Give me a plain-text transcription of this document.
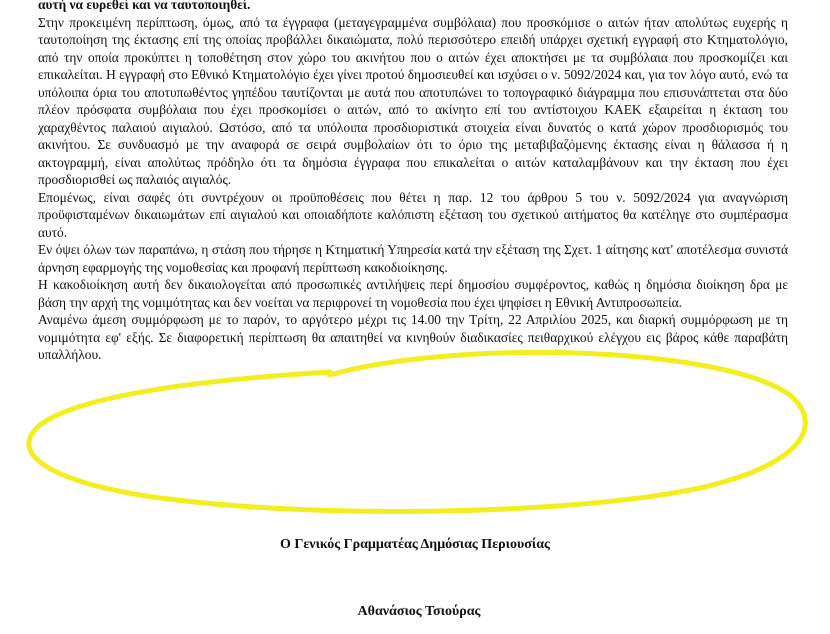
αυτή να ευρεθεί και να ταυτοποιηθεί.

Στην προκειμένη περίπτωση, όμως, από τα έγγραφα (μεταγεγραμμένα συμβόλαια) που προσκόμισε ο αιτών ήταν απολύτως ευχερής η ταυτοποίηση της έκτασης επί της οποίας προβάλλει δικαιώματα, πολύ περισσότερο επειδή υπάρχει σχετική εγγραφή στο Κτηματολόγιο, από την οποία προκύπτει η τοποθέτηση στον χώρο του ακινήτου που ο αιτών έχει αποκτήσει με τα συμβόλαια που προσκομίζει και επικαλείται. Η εγγραφή στο Εθνικό Κτηματολόγιο έχει γίνει προτού δημοσιευθεί και ισχύσει ο ν. 5092/2024 και, για τον λόγο αυτό, ενώ τα υπόλοιπα όρια του αποτυπωθέντος γηπέδου ταυτίζονται με αυτά που αποτυπώνει το τοπογραφικό διάγραμμα που επισυνάπτεται στα δύο πλέον πρόσφατα συμβόλαια που έχει προσκομίσει ο αιτών, από το ακίνητο επί του αντίστοιχου ΚΑΕΚ εξαιρείται η έκταση του χαραχθέντος παλαιού αιγιαλού. Ωστόσο, από τα υπόλοιπα προσδιοριστικά στοιχεία είναι δυνατός ο κατά χώρον προσδιορισμός του ακινήτου. Σε συνδυασμό με την αναφορά σε σειρά συμβολαίων ότι το όριο της μεταβιβαζόμενης έκτασης είναι η θάλασσα ή η ακτογραμμή, είναι απολύτως πρόδηλο ότι τα δημόσια έγγραφα που επικαλείται ο αιτών καταλαμβάνουν και την έκταση που έχει προσδιορισθεί ως παλαιός αιγιαλός.

Επομένως, είναι σαφές ότι συντρέχουν οι προϋποθέσεις που θέτει η παρ. 12 του άρθρου 5 του ν. 5092/2024 για αναγνώριση προϋφισταμένων δικαιωμάτων επί αιγιαλού και οποιαδήποτε καλόπιστη εξέταση του σχετικού αιτήματος θα κατέληγε στο συμπέρασμα αυτό.

Εν όψει όλων των παραπάνω, η στάση που τήρησε η Κτηματική Υπηρεσία κατά την εξέταση της Σχετ. 1 αίτησης κατ' αποτέλεσμα συνιστά άρνηση εφαρμογής της νομοθεσίας και προφανή περίπτωση κακοδιοίκησης.

Η κακοδιοίκηση αυτή δεν δικαιολογείται από προσωπικές αντιλήψεις περί δημοσίου συμφέροντος, καθώς η δημόσια διοίκηση δρα με βάση την αρχή της νομιμότητας και δεν νοείται να περιφρονεί τη νομοθεσία που έχει ψηφίσει η Εθνική Αντιπροσωπεία.

Αναμένω άμεση συμμόρφωση με το παρόν, το αργότερο μέχρι τις 14.00 την Τρίτη, 22 Απριλίου 2025, και διαρκή συμμόρφωση με τη νομιμότητα εφ' εξής. Σε διαφορετική περίπτωση θα απαιτηθεί να κινηθούν διαδικασίες πειθαρχικού ελέγχου εις βάρος κάθε παραβάτη υπαλλήλου.

Ο Γενικός Γραμματέας Δημόσιας Περιουσίας
Αθανάσιος Τσιούρας
